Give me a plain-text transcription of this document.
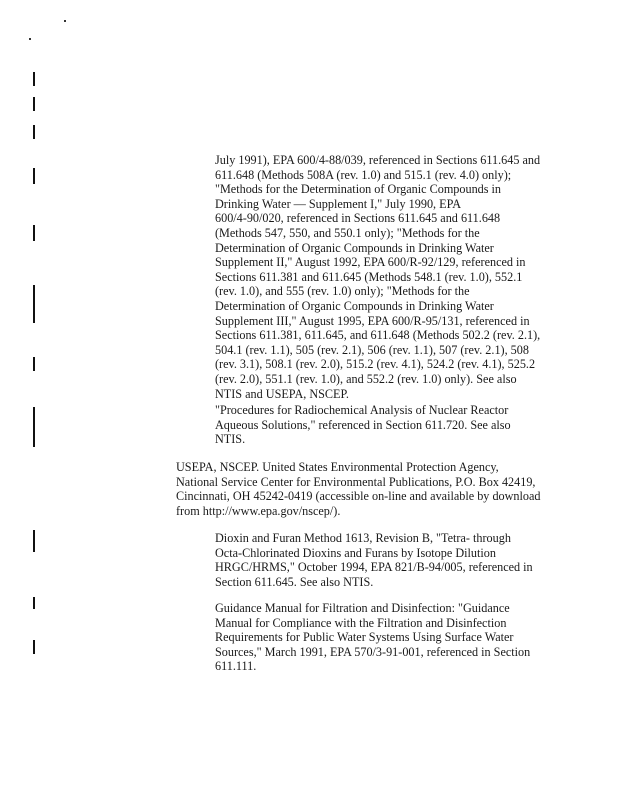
July 1991), EPA 600/4-88/039, referenced in Sections 611.645 and
611.648 (Methods 508A (rev. 1.0) and 515.1 (rev. 4.0) only);
"Methods for the Determination of Organic Compounds in
Drinking Water — Supplement I," July 1990, EPA
600/4-90/020, referenced in Sections 611.645 and 611.648
(Methods 547, 550, and 550.1 only); "Methods for the
Determination of Organic Compounds in Drinking Water
Supplement II," August 1992, EPA 600/R-92/129, referenced in
Sections 611.381 and 611.645 (Methods 548.1 (rev. 1.0), 552.1
(rev. 1.0), and 555 (rev. 1.0) only); "Methods for the
Determination of Organic Compounds in Drinking Water
Supplement III," August 1995, EPA 600/R-95/131, referenced in
Sections 611.381, 611.645, and 611.648 (Methods 502.2 (rev. 2.1),
504.1 (rev. 1.1), 505 (rev. 2.1), 506 (rev. 1.1), 507 (rev. 2.1), 508
(rev. 3.1), 508.1 (rev. 2.0), 515.2 (rev. 4.1), 524.2 (rev. 4.1), 525.2
(rev. 2.0), 551.1 (rev. 1.0), and 552.2 (rev. 1.0) only). See also
NTIS and USEPA, NSCEP.

"Procedures for Radiochemical Analysis of Nuclear Reactor
Aqueous Solutions," referenced in Section 611.720. See also
NTIS.

USEPA, NSCEP. United States Environmental Protection Agency,
National Service Center for Environmental Publications, P.O. Box 42419,
Cincinnati, OH 45242-0419 (accessible on-line and available by download
from http://www.epa.gov/nscep/).

Dioxin and Furan Method 1613, Revision B, "Tetra- through
Octa-Chlorinated Dioxins and Furans by Isotope Dilution
HRGC/HRMS," October 1994, EPA 821/B-94/005, referenced in
Section 611.645. See also NTIS.

Guidance Manual for Filtration and Disinfection: "Guidance
Manual for Compliance with the Filtration and Disinfection
Requirements for Public Water Systems Using Surface Water
Sources," March 1991, EPA 570/3-91-001, referenced in Section
611.111.
